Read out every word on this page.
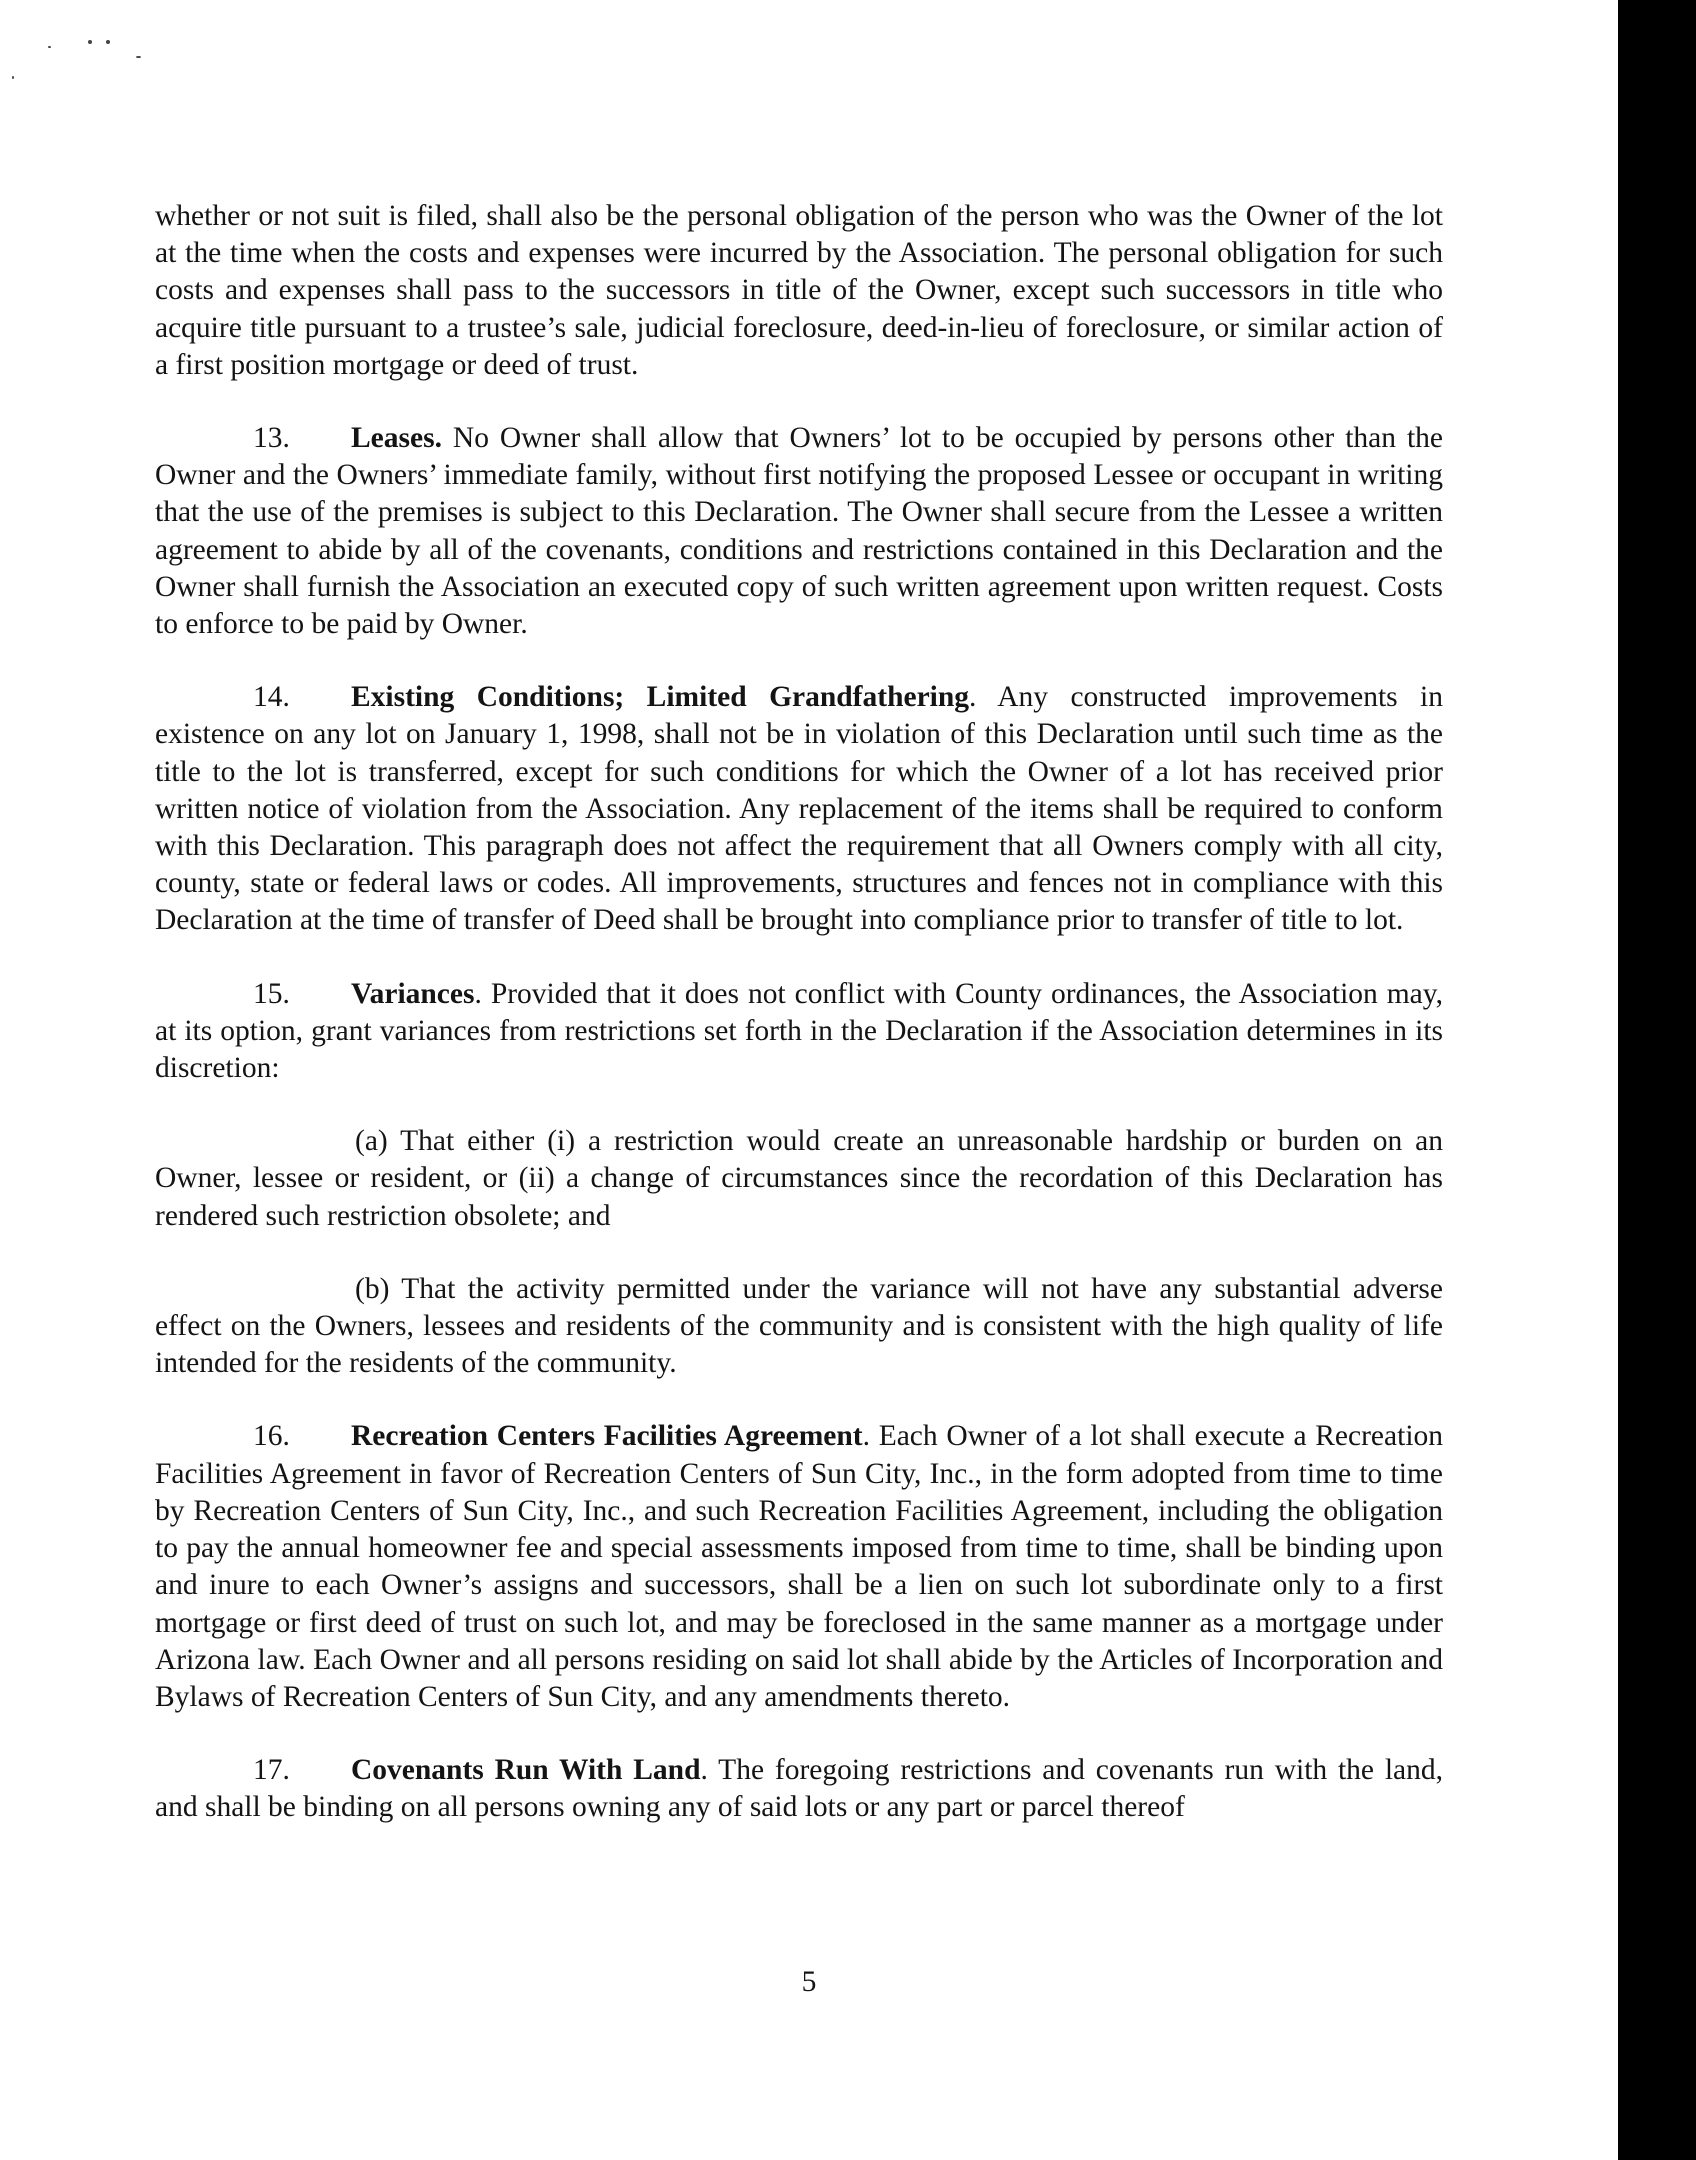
whether or not suit is filed, shall also be the personal obligation of the person who was the Owner of the lot at the time when the costs and expenses were incurred by the Association. The personal obligation for such costs and expenses shall pass to the successors in title of the Owner, except such successors in title who acquire title pursuant to a trustee’s sale, judicial foreclosure, deed-in-lieu of foreclosure, or similar action of a first position mortgage or deed of trust.

13. Leases. No Owner shall allow that Owners’ lot to be occupied by persons other than the Owner and the Owners’ immediate family, without first notifying the proposed Lessee or occupant in writing that the use of the premises is subject to this Declaration. The Owner shall secure from the Lessee a written agreement to abide by all of the covenants, conditions and restrictions contained in this Declaration and the Owner shall furnish the Association an executed copy of such written agreement upon written request. Costs to enforce to be paid by Owner.

14. Existing Conditions; Limited Grandfathering. Any constructed improvements in existence on any lot on January 1, 1998, shall not be in violation of this Declaration until such time as the title to the lot is transferred, except for such conditions for which the Owner of a lot has received prior written notice of violation from the Association. Any replacement of the items shall be required to conform with this Declaration. This paragraph does not affect the requirement that all Owners comply with all city, county, state or federal laws or codes. All improvements, structures and fences not in compliance with this Declaration at the time of transfer of Deed shall be brought into compliance prior to transfer of title to lot.

15. Variances. Provided that it does not conflict with County ordinances, the Association may, at its option, grant variances from restrictions set forth in the Declaration if the Association determines in its discretion:

(a) That either (i) a restriction would create an unreasonable hardship or burden on an Owner, lessee or resident, or (ii) a change of circumstances since the recordation of this Declaration has rendered such restriction obsolete; and

(b) That the activity permitted under the variance will not have any substantial adverse effect on the Owners, lessees and residents of the community and is consistent with the high quality of life intended for the residents of the community.

16. Recreation Centers Facilities Agreement. Each Owner of a lot shall execute a Recreation Facilities Agreement in favor of Recreation Centers of Sun City, Inc., in the form adopted from time to time by Recreation Centers of Sun City, Inc., and such Recreation Facilities Agreement, including the obligation to pay the annual homeowner fee and special assessments imposed from time to time, shall be binding upon and inure to each Owner’s assigns and successors, shall be a lien on such lot subordinate only to a first mortgage or first deed of trust on such lot, and may be foreclosed in the same manner as a mortgage under Arizona law. Each Owner and all persons residing on said lot shall abide by the Articles of Incorporation and Bylaws of Recreation Centers of Sun City, and any amendments thereto.

17. Covenants Run With Land. The foregoing restrictions and covenants run with the land, and shall be binding on all persons owning any of said lots or any part or parcel thereof

5
